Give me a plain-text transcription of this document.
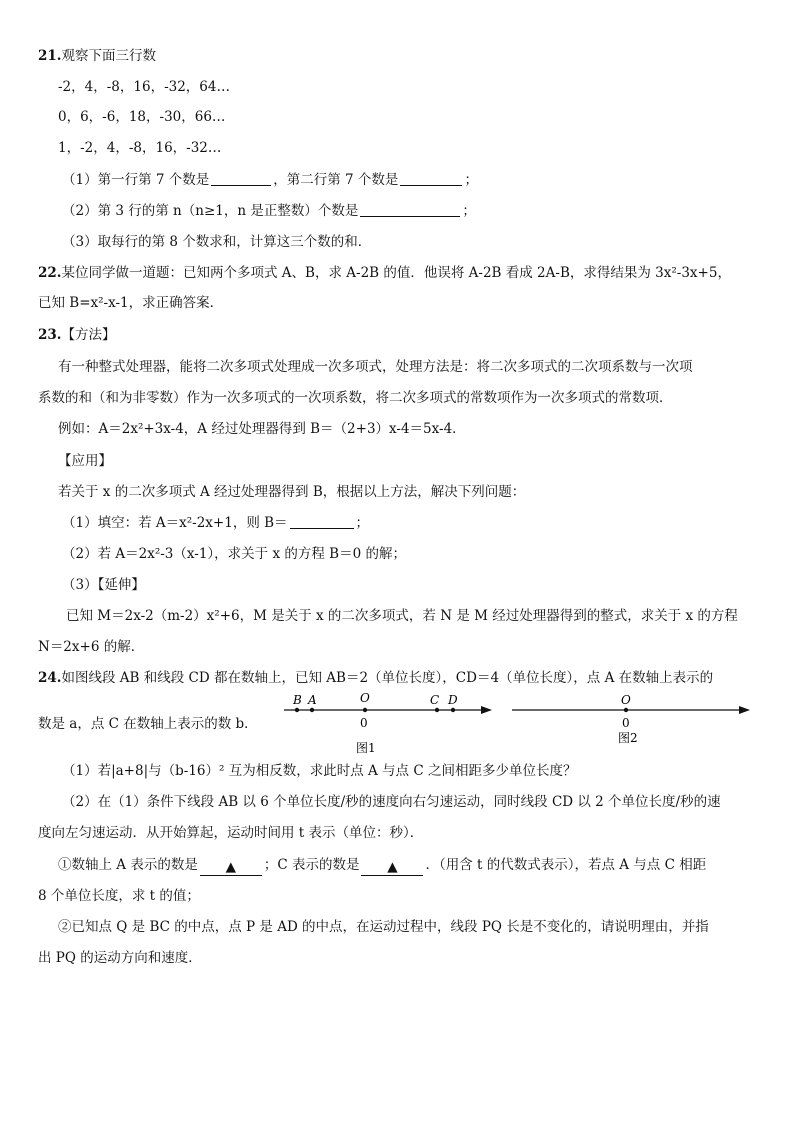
21.观察下面三行数
-2，4，-8，16，-32，64…
0，6，-6，18，-30，66…
1，-2，4，-8，16，-32…
（1）第一行第 7 个数是	，第二行第 7 个数是	；
（2）第 3 行的第 n（n≥1，n 是正整数）个数是	；
（3）取每行的第 8 个数求和，计算这三个数的和．
22.某位同学做一道题：已知两个多项式 A、B，求 A-2B 的值．他误将 A-2B 看成 2A-B，求得结果为 3x²-3x+5，
已知 B=x²-x-1，求正确答案．
23.【方法】
有一种整式处理器，能将二次多项式处理成一次多项式，处理方法是：将二次多项式的二次项系数与一次项
系数的和（和为非零数）作为一次多项式的一次项系数，将二次多项式的常数项作为一次多项式的常数项．
例如：A＝2x²+3x-4，A 经过处理器得到 B＝（2+3）x-4＝5x-4．
【应用】
若关于 x 的二次多项式 A 经过处理器得到 B，根据以上方法，解决下列问题：
（1）填空：若 A＝x²-2x+1，则 B＝	；
（2）若 A＝2x²-3（x-1），求关于 x 的方程 B＝0 的解；
（3）【延伸】
已知 M＝2x-2（m-2）x²+6，M 是关于 x 的二次多项式，若 N 是 M 经过处理器得到的整式，求关于 x 的方程
N＝2x+6 的解．
24.如图线段 AB 和线段 CD 都在数轴上，已知 AB＝2（单位长度），CD＝4（单位长度），点 A 在数轴上表示的
数是 a，点 C 在数轴上表示的数 b．
B A	O	C D
0
图1
O
0
图2
（1）若|a+8|与（b-16）² 互为相反数，求此时点 A 与点 C 之间相距多少单位长度？
（2）在（1）条件下线段 AB 以 6 个单位长度/秒的速度向右匀速运动，同时线段 CD 以 2 个单位长度/秒的速
度向左匀速运动．从开始算起，运动时间用 t 表示（单位：秒）．
①数轴上 A 表示的数是 ▲ ；C 表示的数是 ▲ ．（用含 t 的代数式表示），若点 A 与点 C 相距
8 个单位长度，求 t 的值；
②已知点 Q 是 BC 的中点，点 P 是 AD 的中点，在运动过程中，线段 PQ 长是不变化的，请说明理由，并指
出 PQ 的运动方向和速度．
